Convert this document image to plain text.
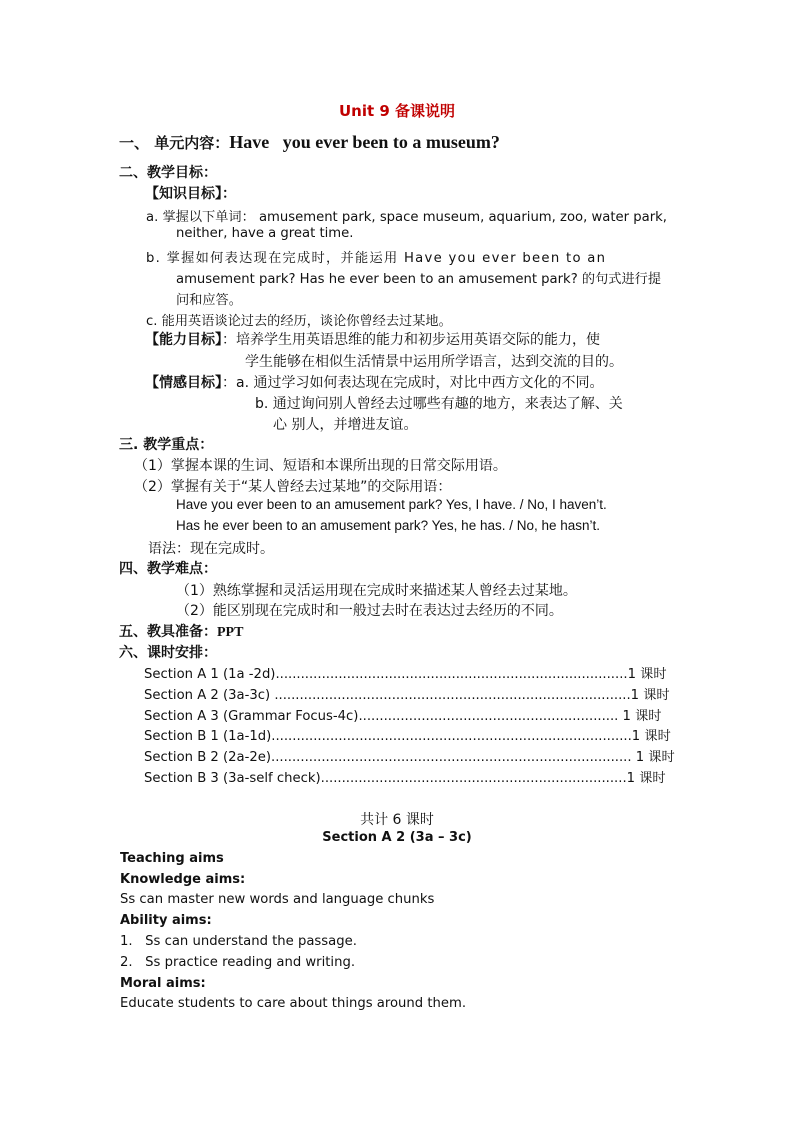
Unit 9 备课说明
一、 单元内容：Have   you ever been to a museum?
二、教学目标：
【知识目标】：
a. 掌握以下单词： amusement park, space museum, aquarium, zoo, water park,
neither, have a great time.
b. 掌握如何表达现在完成时，并能运用 Have you ever been to an
amusement park? Has he ever been to an amusement park? 的句式进行提
问和应答。
c. 能用英语谈论过去的经历，谈论你曾经去过某地。
【能力目标】：培养学生用英语思维的能力和初步运用英语交际的能力，使
学生能够在相似生活情景中运用所学语言，达到交流的目的。
【情感目标】：a. 通过学习如何表达现在完成时，对比中西方文化的不同。
b. 通过询问别人曾经去过哪些有趣的地方，来表达了解、关
心 别人，并增进友谊。
三. 教学重点：
（1）掌握本课的生词、短语和本课所出现的日常交际用语。
（2）掌握有关于“某人曾经去过某地”的交际用语：
Have you ever been to an amusement park? Yes, I have. / No, I haven’t.
Has he ever been to an amusement park? Yes, he has. / No, he hasn’t.
语法：现在完成时。
四、教学难点：
（1）熟练掌握和灵活运用现在完成时来描述某人曾经去过某地。
（2）能区别现在完成时和一般过去时在表达过去经历的不同。
五、教具准备：PPT
六、课时安排：
Section A 1 (1a -2d)....................................................................................1 课时
Section A 2 (3a-3c) .....................................................................................1 课时
Section A 3 (Grammar Focus-4c).............................................................. 1 课时
Section B 1 (1a-1d)......................................................................................1 课时
Section B 2 (2a-2e)...................................................................................... 1 课时
Section B 3 (3a-self check).........................................................................1 课时
共计 6 课时
Section A 2 (3a – 3c)
Teaching aims
Knowledge aims:
Ss can master new words and language chunks
Ability aims:
1.   Ss can understand the passage.
2.   Ss practice reading and writing.
Moral aims:
Educate students to care about things around them.
